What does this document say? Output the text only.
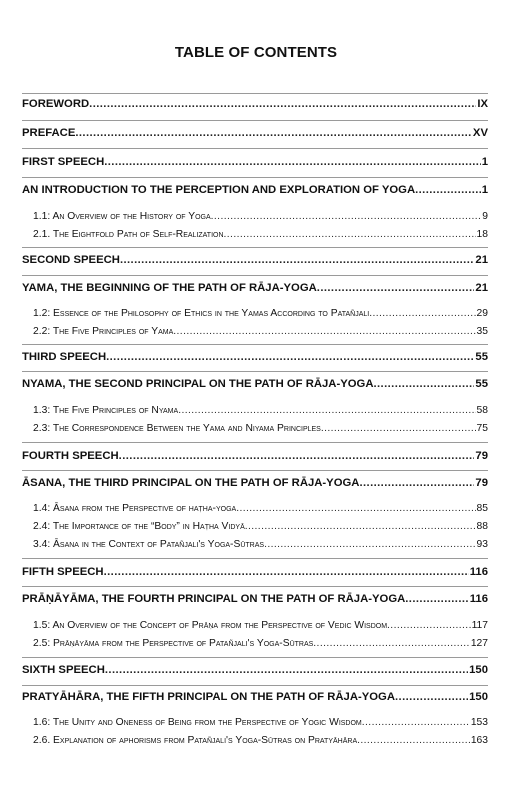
TABLE OF CONTENTS
FOREWORD .....	IX
PREFACE .....	XV
FIRST SPEECH .....	1
AN INTRODUCTION TO THE PERCEPTION AND EXPLORATION OF YOGA .....	1
1.1: An Overview of the History of Yoga .....	9
2.1. The Eightfold Path of Self-Realization .....	18
SECOND SPEECH .....	21
YAMA, THE BEGINNING OF THE PATH OF RĀJA-YOGA .....	21
1.2: Essence of the Philosophy of Ethics in the Yamas According to Patañjali .....	29
2.2: The Five Principles of Yama .....	35
THIRD SPEECH .....	55
NYAMA, THE SECOND PRINCIPAL ON THE PATH OF RĀJA-YOGA .....	55
1.3: The Five Principles of Nyama .....	58
2.3: The Correspondence Between the Yama and Niyama Principles .....	75
FOURTH SPEECH .....	79
ĀSANA, THE THIRD PRINCIPAL ON THE PATH OF RĀJA-YOGA .....	79
1.4: Āsana from the Perspective of haṭha-yoga .....	85
2.4: The Importance of the “Body” in Haṭha Vidyā .....	88
3.4: Āsana in the Context of Patañjali's Yoga-Sūtras .....	93
FIFTH SPEECH .....	116
PRĀṆĀYĀMA, THE FOURTH PRINCIPAL ON THE PATH OF RĀJA-YOGA .....	116
1.5: An Overview of the Concept of Prāṇa from the Perspective of Vedic Wisdom .....	117
2.5: Prāṇāyāma from the Perspective of Patañjali's Yoga-Sūtras .....	127
SIXTH SPEECH .....	150
PRATYĀHĀRA, THE FIFTH PRINCIPAL ON THE PATH OF RĀJA-YOGA .....	150
1.6: The Unity and Oneness of Being from the Perspective of Yogic Wisdom .....	153
2.6. Explanation of aphorisms from Patañjali's Yoga-Sūtras on Pratyāhāra .....	163
